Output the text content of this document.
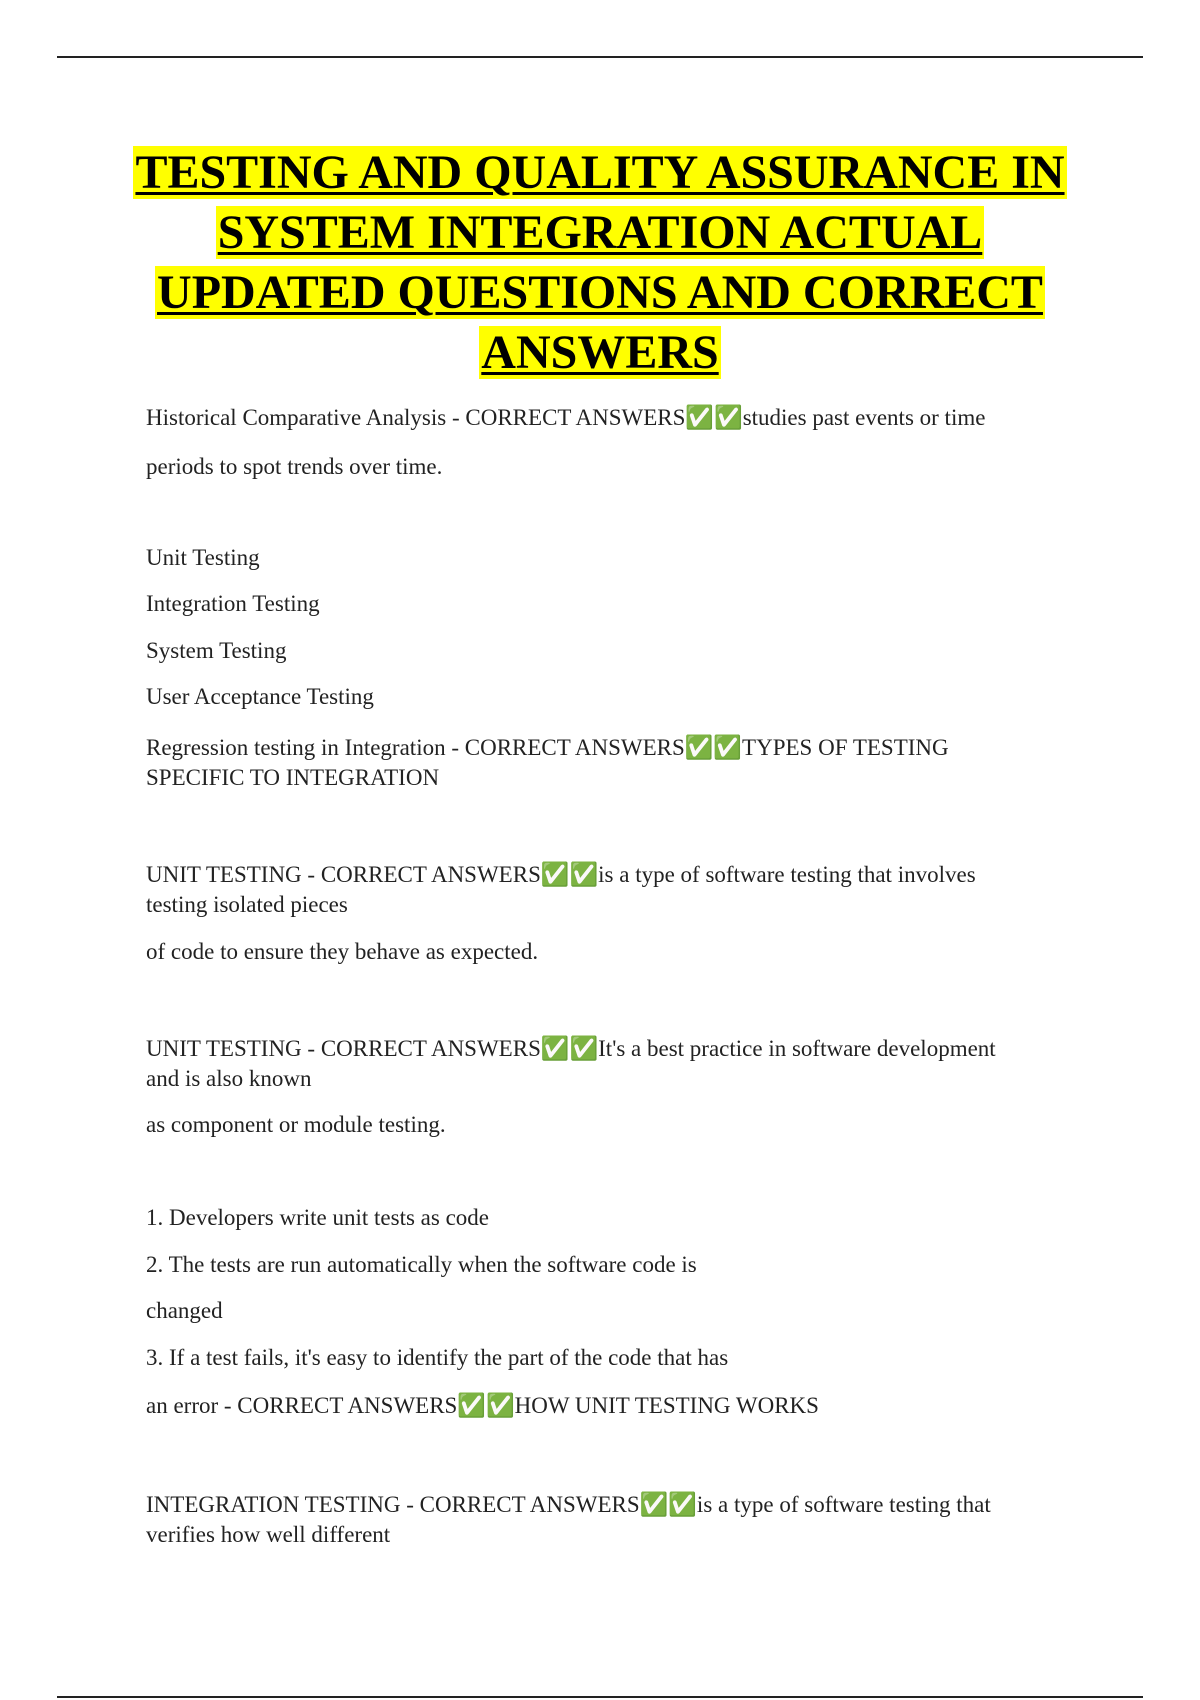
TESTING AND QUALITY ASSURANCE IN SYSTEM INTEGRATION ACTUAL UPDATED QUESTIONS AND CORRECT ANSWERS
Historical Comparative Analysis - CORRECT ANSWERS✅✅studies past events or time
periods to spot trends over time.
Unit Testing
Integration Testing
System Testing
User Acceptance Testing
Regression testing in Integration - CORRECT ANSWERS✅✅TYPES OF TESTING
SPECIFIC TO INTEGRATION
UNIT TESTING - CORRECT ANSWERS✅✅is a type of software testing that involves
testing isolated pieces
of code to ensure they behave as expected.
UNIT TESTING - CORRECT ANSWERS✅✅It's a best practice in software development
and is also known
as component or module testing.
1. Developers write unit tests as code
2. The tests are run automatically when the software code is
changed
3. If a test fails, it's easy to identify the part of the code that has
an error - CORRECT ANSWERS✅✅HOW UNIT TESTING WORKS
INTEGRATION TESTING - CORRECT ANSWERS✅✅is a type of software testing that
verifies how well different
